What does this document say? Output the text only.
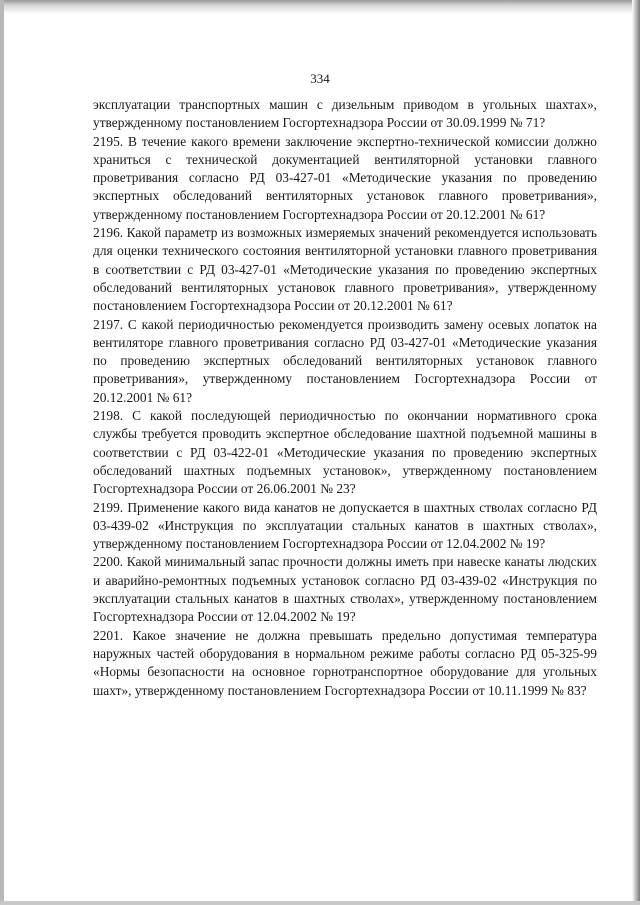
334

эксплуатации транспортных машин с дизельным приводом в угольных шахтах», утвержденному постановлением Госгортехнадзора России от 30.09.1999 № 71?

2195. В течение какого времени заключение экспертно-технической комиссии должно храниться с технической документацией вентиляторной установки главного проветривания согласно РД 03-427-01 «Методические указания по проведению экспертных обследований вентиляторных установок главного проветривания», утвержденному постановлением Госгортехнадзора России от 20.12.2001 № 61?

2196. Какой параметр из возможных измеряемых значений рекомендуется использовать для оценки технического состояния вентиляторной установки главного проветривания в соответствии с РД 03-427-01 «Методические указания по проведению экспертных обследований вентиляторных установок главного проветривания», утвержденному постановлением Госгортехнадзора России от 20.12.2001 № 61?

2197. С какой периодичностью рекомендуется производить замену осевых лопаток на вентиляторе главного проветривания согласно РД 03-427-01 «Методические указания по проведению экспертных обследований вентиляторных установок главного проветривания», утвержденному постановлением Госгортехнадзора России от 20.12.2001 № 61?

2198. С какой последующей периодичностью по окончании нормативного срока службы требуется проводить экспертное обследование шахтной подъемной машины в соответствии с РД 03-422-01 «Методические указания по проведению экспертных обследований шахтных подъемных установок», утвержденному постановлением Госгортехнадзора России от 26.06.2001 № 23?

2199. Применение какого вида канатов не допускается в шахтных стволах согласно РД 03-439-02 «Инструкция по эксплуатации стальных канатов в шахтных стволах», утвержденному постановлением Госгортехнадзора России от 12.04.2002 № 19?

2200. Какой минимальный запас прочности должны иметь при навеске канаты людских и аварийно-ремонтных подъемных установок согласно РД 03-439-02 «Инструкция по эксплуатации стальных канатов в шахтных стволах», утвержденному постановлением Госгортехнадзора России от 12.04.2002 № 19?

2201. Какое значение не должна превышать предельно допустимая температура наружных частей оборудования в нормальном режиме работы согласно РД 05-325-99 «Нормы безопасности на основное горнотранспортное оборудование для угольных шахт», утвержденному постановлением Госгортехнадзора России от 10.11.1999 № 83?
